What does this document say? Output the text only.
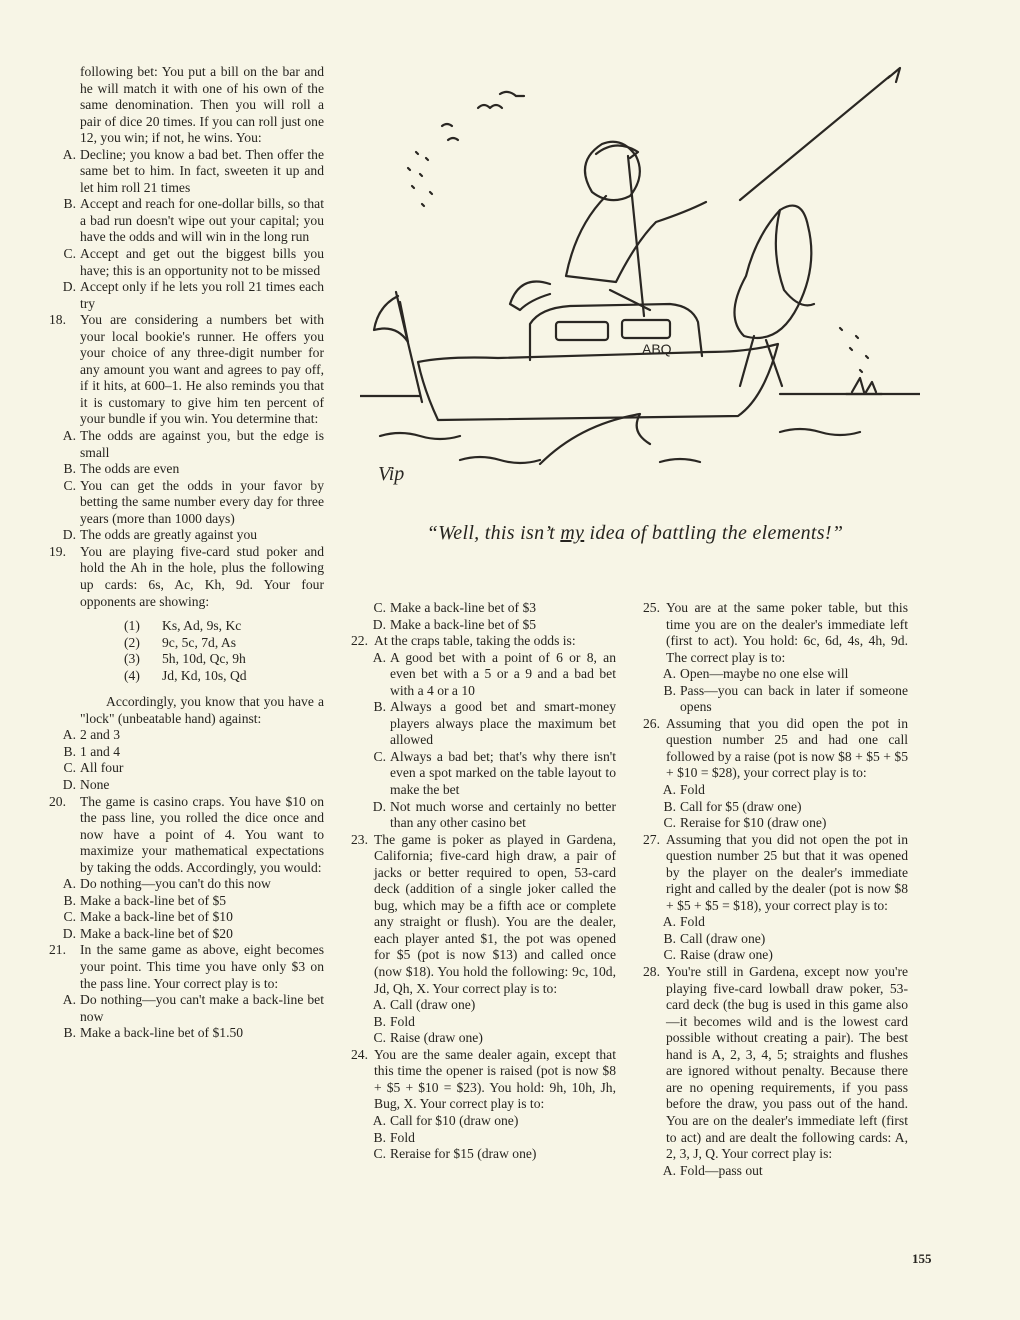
following bet: You put a bill on the bar and he will match it with one of his own of the same denomination. Then you will roll a pair of dice 20 times. If you can roll just one 12, you win; if not, he wins. You:
A. Decline; you know a bad bet. Then offer the same bet to him. In fact, sweeten it up and let him roll 21 times
B. Accept and reach for one-dollar bills, so that a bad run doesn't wipe out your capital; you have the odds and will win in the long run
C. Accept and get out the biggest bills you have; this is an opportunity not to be missed
D. Accept only if he lets you roll 21 times each try
18. You are considering a numbers bet with your local bookie's runner. He offers you your choice of any three-digit number for any amount you want and agrees to pay off, if it hits, at 600–1. He also reminds you that it is customary to give him ten percent of your bundle if you win. You determine that:
A. The odds are against you, but the edge is small
B. The odds are even
C. You can get the odds in your favor by betting the same number every day for three years (more than 1000 days)
D. The odds are greatly against you
19. You are playing five-card stud poker and hold the Ah in the hole, plus the following up cards: 6s, Ac, Kh, 9d. Your four opponents are showing:
(1)	Ks, Ad, 9s, Kc
(2)	9c, 5c, 7d, As
(3)	5h, 10d, Qc, 9h
(4)	Jd, Kd, 10s, Qd
Accordingly, you know that you have a "lock" (unbeatable hand) against:
A. 2 and 3
B. 1 and 4
C. All four
D. None
20. The game is casino craps. You have $10 on the pass line, you rolled the dice once and now have a point of 4. You want to maximize your mathematical expectations by taking the odds. Accordingly, you would:
A. Do nothing—you can't do this now
B. Make a back-line bet of $5
C. Make a back-line bet of $10
D. Make a back-line bet of $20
21. In the same game as above, eight becomes your point. This time you have only $3 on the pass line. Your correct play is to:
A. Do nothing—you can't make a back-line bet now
B. Make a back-line bet of $1.50
ABQ
Vip
“Well, this isn’t my idea of battling the elements!”
C. Make a back-line bet of $3
D. Make a back-line bet of $5
22. At the craps table, taking the odds is:
A. A good bet with a point of 6 or 8, an even bet with a 5 or a 9 and a bad bet with a 4 or a 10
B. Always a good bet and smart-money players always place the maximum bet allowed
C. Always a bad bet; that's why there isn't even a spot marked on the table layout to make the bet
D. Not much worse and certainly no better than any other casino bet
23. The game is poker as played in Gardena, California; five-card high draw, a pair of jacks or better required to open, 53-card deck (addition of a single joker called the bug, which may be a fifth ace or complete any straight or flush). You are the dealer, each player anted $1, the pot was opened for $5 (pot is now $13) and called once (now $18). You hold the following: 9c, 10d, Jd, Qh, X. Your correct play is to:
A. Call (draw one)
B. Fold
C. Raise (draw one)
24. You are the same dealer again, except that this time the opener is raised (pot is now $8 + $5 + $10 = $23). You hold: 9h, 10h, Jh, Bug, X. Your correct play is to:
A. Call for $10 (draw one)
B. Fold
C. Reraise for $15 (draw one)
25. You are at the same poker table, but this time you are on the dealer's immediate left (first to act). You hold: 6c, 6d, 4s, 4h, 9d. The correct play is to:
A. Open—maybe no one else will
B. Pass—you can back in later if someone opens
26. Assuming that you did open the pot in question number 25 and had one call followed by a raise (pot is now $8 + $5 + $5 + $10 = $28), your correct play is to:
A. Fold
B. Call for $5 (draw one)
C. Reraise for $10 (draw one)
27. Assuming that you did not open the pot in question number 25 but that it was opened by the player on the dealer's immediate right and called by the dealer (pot is now $8 + $5 + $5 = $18), your correct play is to:
A. Fold
B. Call (draw one)
C. Raise (draw one)
28. You're still in Gardena, except now you're playing five-card lowball draw poker, 53-card deck (the bug is used in this game also—it becomes wild and is the lowest card possible without creating a pair). The best hand is A, 2, 3, 4, 5; straights and flushes are ignored without penalty. Because there are no opening requirements, if you pass before the draw, you pass out of the hand. You are on the dealer's immediate left (first to act) and are dealt the following cards: A, 2, 3, J, Q. Your correct play is:
A. Fold—pass out
155
